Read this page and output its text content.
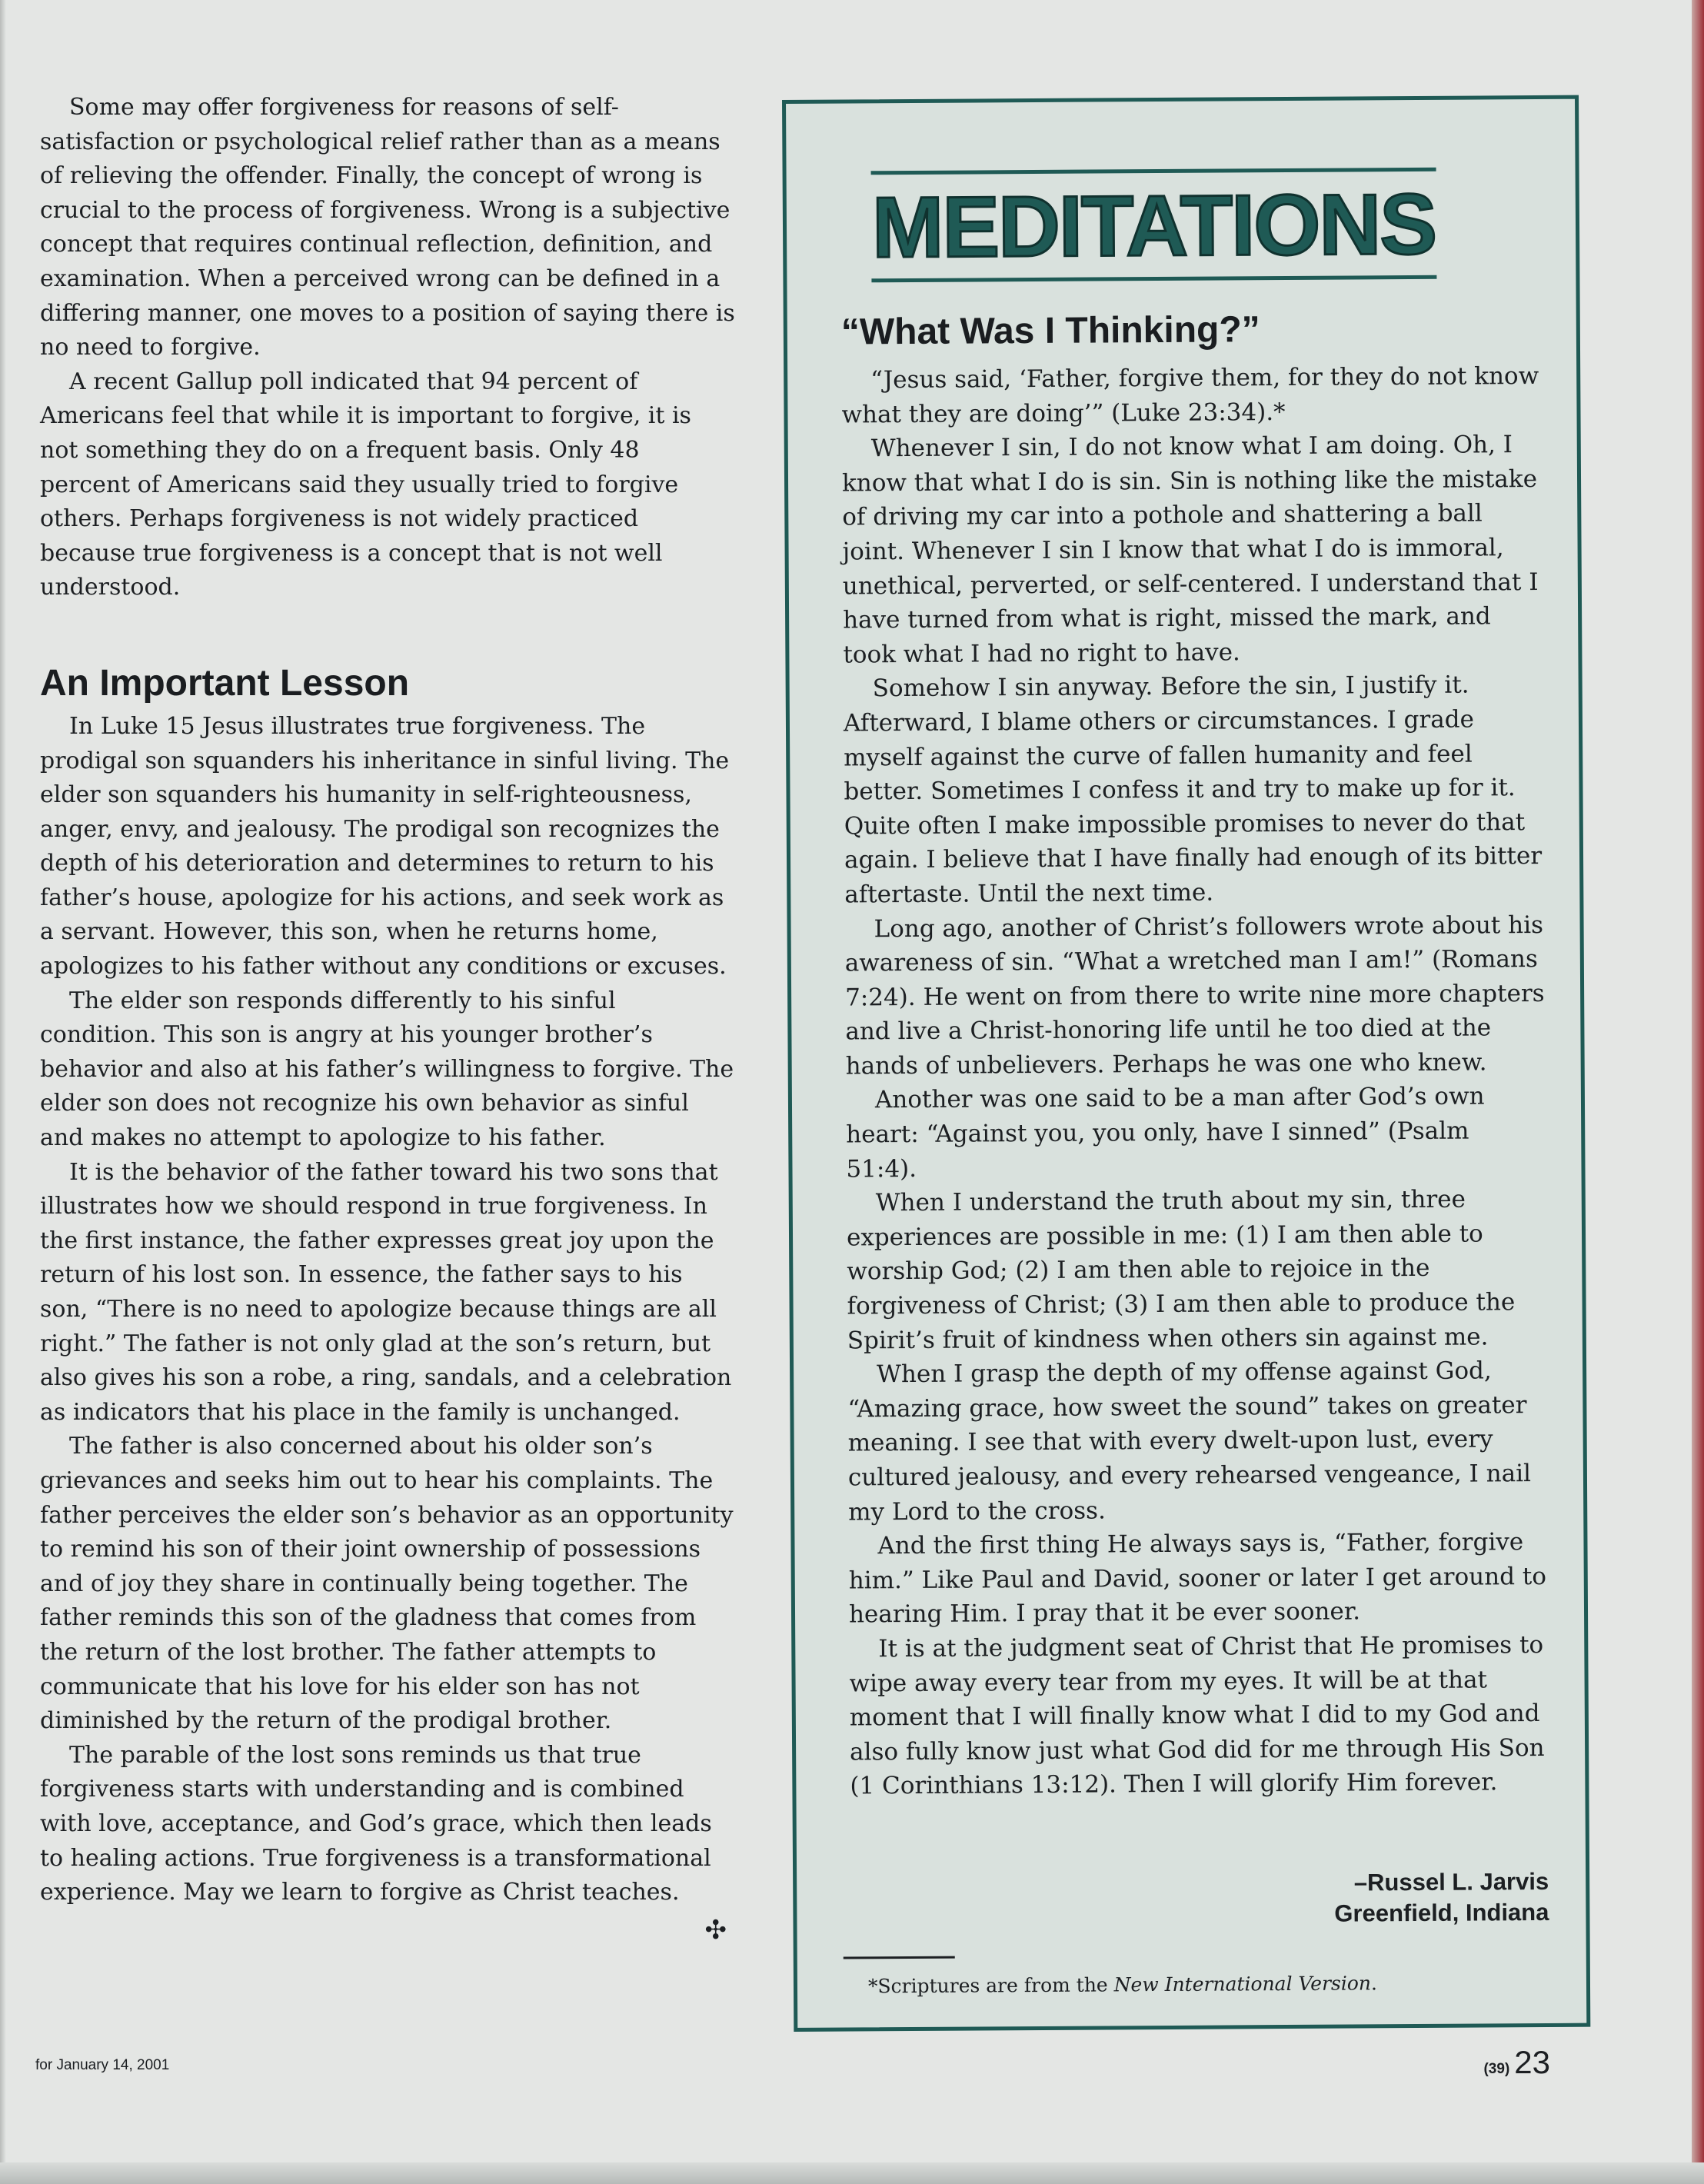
Some may offer forgiveness for reasons of self-satisfaction or psychological relief rather than as a means of relieving the offender. Finally, the concept of wrong is crucial to the process of forgiveness. Wrong is a subjective concept that requires continual reflection, definition, and examination. When a perceived wrong can be defined in a differing manner, one moves to a position of saying there is no need to forgive.

A recent Gallup poll indicated that 94 percent of Americans feel that while it is important to forgive, it is not something they do on a frequent basis. Only 48 percent of Americans said they usually tried to forgive others. Perhaps forgiveness is not widely practiced because true forgiveness is a concept that is not well understood.

An Important Lesson

In Luke 15 Jesus illustrates true forgiveness. The prodigal son squanders his inheritance in sinful living. The elder son squanders his humanity in self-righteousness, anger, envy, and jealousy. The prodigal son recognizes the depth of his deterioration and determines to return to his father’s house, apologize for his actions, and seek work as a servant. However, this son, when he returns home, apologizes to his father without any conditions or excuses.

The elder son responds differently to his sinful condition. This son is angry at his younger brother’s behavior and also at his father’s willingness to forgive. The elder son does not recognize his own behavior as sinful and makes no attempt to apologize to his father.

It is the behavior of the father toward his two sons that illustrates how we should respond in true forgiveness. In the first instance, the father expresses great joy upon the return of his lost son. In essence, the father says to his son, “There is no need to apologize because things are all right.” The father is not only glad at the son’s return, but also gives his son a robe, a ring, sandals, and a celebration as indicators that his place in the family is unchanged.

The father is also concerned about his older son’s grievances and seeks him out to hear his complaints. The father perceives the elder son’s behavior as an opportunity to remind his son of their joint ownership of possessions and of joy they share in continually being together. The father reminds this son of the gladness that comes from the return of the lost brother. The father attempts to communicate that his love for his elder son has not diminished by the return of the prodigal brother.

The parable of the lost sons reminds us that true forgiveness starts with understanding and is combined with love, acceptance, and God’s grace, which then leads to healing actions. True forgiveness is a transformational experience. May we learn to forgive as Christ teaches.
✣

MEDITATIONS
“What Was I Thinking?”

“Jesus said, ‘Father, forgive them, for they do not know what they are doing’” (Luke 23:34).*

Whenever I sin, I do not know what I am doing. Oh, I know that what I do is sin. Sin is nothing like the mistake of driving my car into a pothole and shattering a ball joint. Whenever I sin I know that what I do is immoral, unethical, perverted, or self-centered. I understand that I have turned from what is right, missed the mark, and took what I had no right to have.

Somehow I sin anyway. Before the sin, I justify it. Afterward, I blame others or circumstances. I grade myself against the curve of fallen humanity and feel better. Sometimes I confess it and try to make up for it. Quite often I make impossible promises to never do that again. I believe that I have finally had enough of its bitter aftertaste. Until the next time.

Long ago, another of Christ’s followers wrote about his awareness of sin. “What a wretched man I am!” (Romans 7:24). He went on from there to write nine more chapters and live a Christ-honoring life until he too died at the hands of unbelievers. Perhaps he was one who knew.

Another was one said to be a man after God’s own heart: “Against you, you only, have I sinned” (Psalm 51:4).

When I understand the truth about my sin, three experiences are possible in me: (1) I am then able to worship God; (2) I am then able to rejoice in the forgiveness of Christ; (3) I am then able to produce the Spirit’s fruit of kindness when others sin against me.

When I grasp the depth of my offense against God, “Amazing grace, how sweet the sound” takes on greater meaning. I see that with every dwelt-upon lust, every cultured jealousy, and every rehearsed vengeance, I nail my Lord to the cross.

And the first thing He always says is, “Father, forgive him.” Like Paul and David, sooner or later I get around to hearing Him. I pray that it be ever sooner.

It is at the judgment seat of Christ that He promises to wipe away every tear from my eyes. It will be at that moment that I will finally know what I did to my God and also fully know just what God did for me through His Son (1 Corinthians 13:12). Then I will glorify Him forever.

–Russel L. Jarvis
Greenfield, Indiana
*Scriptures are from the New International Version.
for January 14, 2001	(39) 23
